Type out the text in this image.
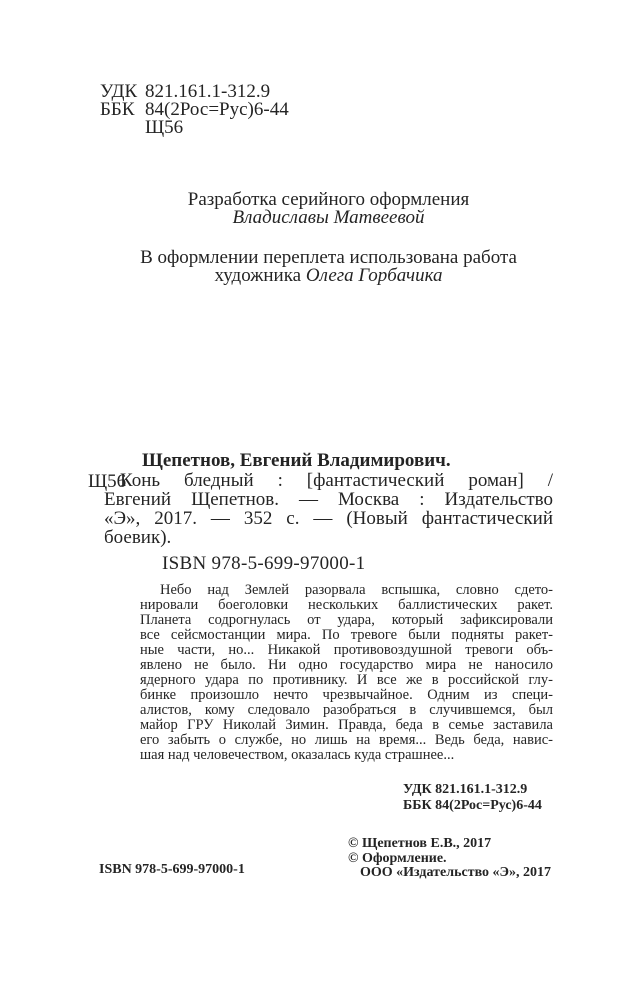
УДК 821.161.1-312.9
ББК 84(2Рос=Рус)6-44
Щ56
Разработка серийного оформления
Владиславы Матвеевой
В оформлении переплета использована работа
художника Олега Горбачика
Щепетнов, Евгений Владимирович.
Щ56
Конь бледный : [фантастический роман] /
Евгений Щепетнов. — Москва : Издательство
«Э», 2017. — 352 с. — (Новый фантастический
боевик).
ISBN 978-5-699-97000-1
Небо над Землей разорвала вспышка, словно сдето-
нировали боеголовки нескольких баллистических ракет.
Планета содрогнулась от удара, который зафиксировали
все сейсмостанции мира. По тревоге были подняты ракет-
ные части, но... Никакой противовоздушной тревоги объ-
явлено не было. Ни одно государство мира не наносило
ядерного удара по противнику. И все же в российской глу-
бинке произошло нечто чрезвычайное. Одним из специ-
алистов, кому следовало разобраться в случившемся, был
майор ГРУ Николай Зимин. Правда, беда в семье заставила
его забыть о службе, но лишь на время... Ведь беда, навис-
шая над человечеством, оказалась куда страшнее...
УДК 821.161.1-312.9
ББК 84(2Рос=Рус)6-44
© Щепетнов Е.В., 2017
© Оформление.
ООО «Издательство «Э», 2017
ISBN 978-5-699-97000-1
